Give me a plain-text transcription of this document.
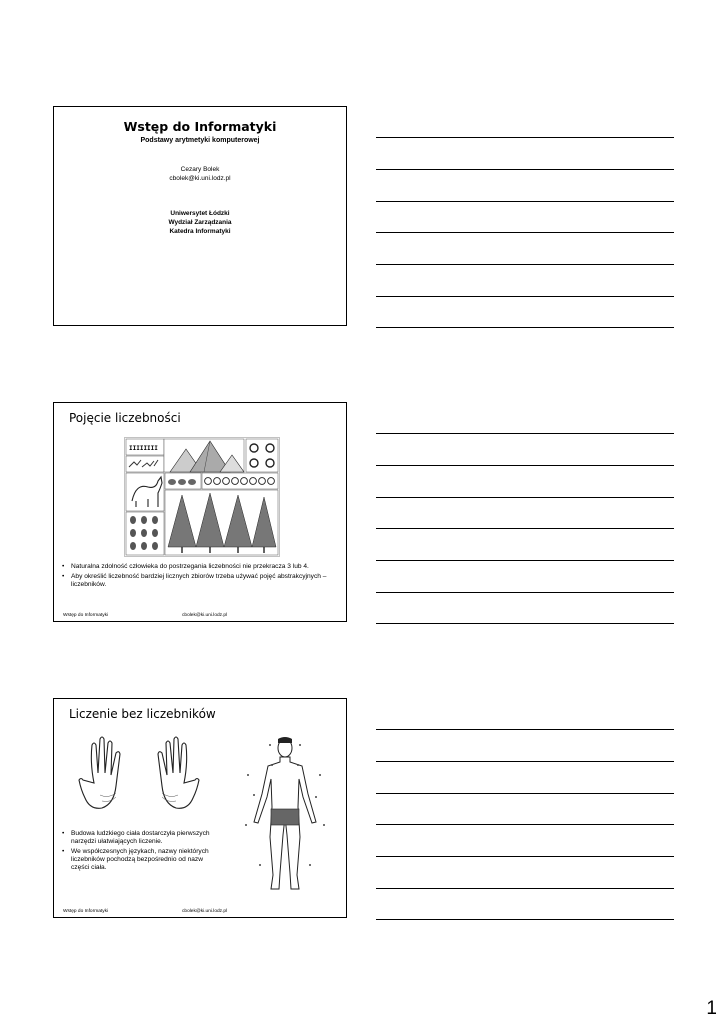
Wstęp do Informatyki
Podstawy arytmetyki komputerowej
Cezary Bolek
cbolek@ki.uni.lodz.pl
Uniwersytet Łódzki
Wydział Zarządzania
Katedra Informatyki
Pojęcie liczebności
IIIIIIII
• Naturalna zdolność człowieka do postrzegania liczebności nie przekracza 3 lub 4.
• Aby określić liczebność bardziej licznych zbiorów trzeba używać pojęć abstrakcyjnych – liczebników.
Wstęp do Informatyki	cbolek@ki.uni.lodz.pl
Liczenie bez liczebników
• Budowa ludzkiego ciała dostarczyła pierwszych narzędzi ułatwiających liczenie.
• We współczesnych językach, nazwy niektórych liczebników pochodzą bezpośrednio od nazw części ciała.
Wstęp do Informatyki	cbolek@ki.uni.lodz.pl
1
